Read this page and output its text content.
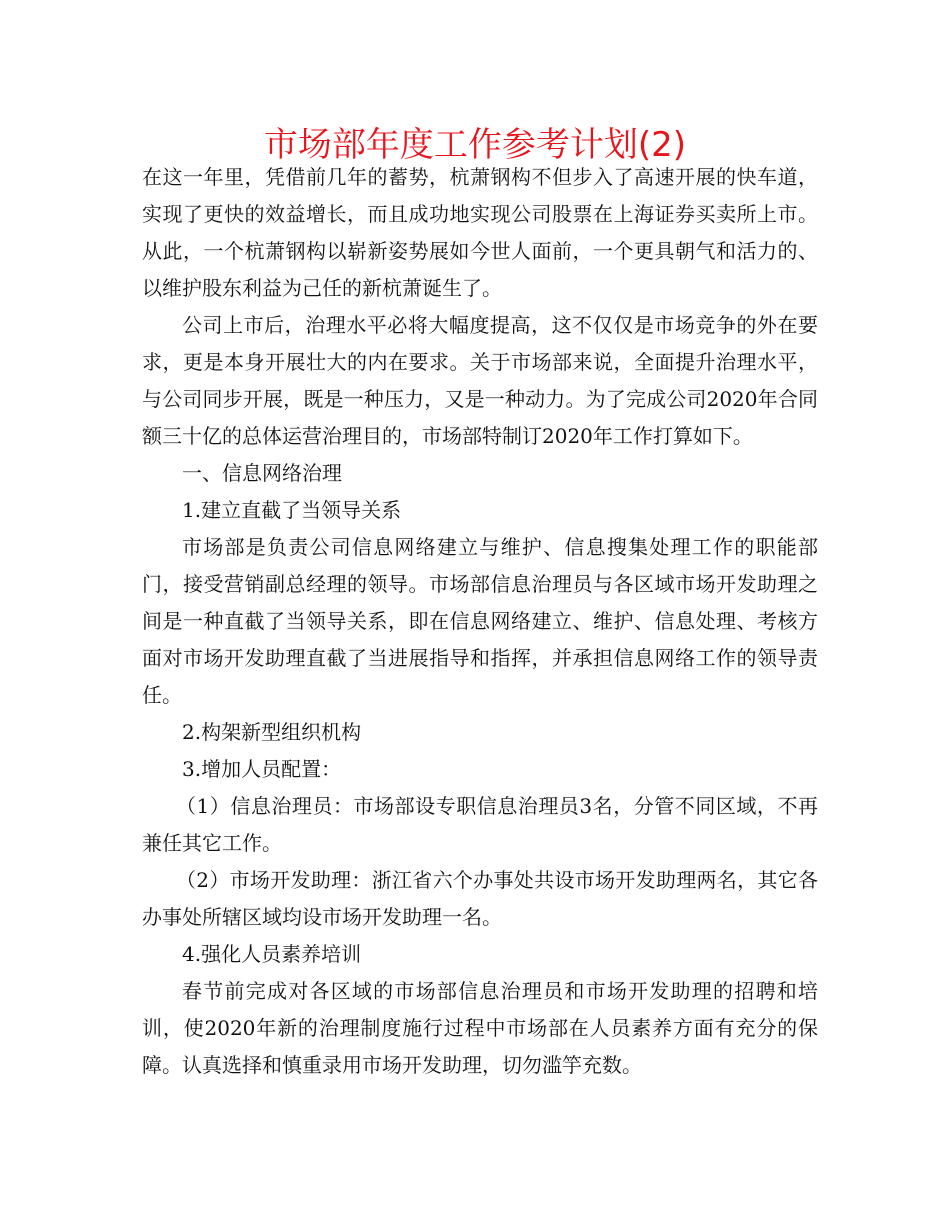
市场部年度工作参考计划(2)

在这一年里，凭借前几年的蓄势，杭萧钢构不但步入了高速开展的快车道，实现了更快的效益增长，而且成功地实现公司股票在上海证券买卖所上市。从此，一个杭萧钢构以崭新姿势展如今世人面前，一个更具朝气和活力的、以维护股东利益为己任的新杭萧诞生了。

公司上市后，治理水平必将大幅度提高，这不仅仅是市场竞争的外在要求，更是本身开展壮大的内在要求。关于市场部来说，全面提升治理水平，与公司同步开展，既是一种压力，又是一种动力。为了完成公司2020年合同额三十亿的总体运营治理目的，市场部特制订2020年工作打算如下。

一、信息网络治理

1.建立直截了当领导关系

市场部是负责公司信息网络建立与维护、信息搜集处理工作的职能部门，接受营销副总经理的领导。市场部信息治理员与各区域市场开发助理之间是一种直截了当领导关系，即在信息网络建立、维护、信息处理、考核方面对市场开发助理直截了当进展指导和指挥，并承担信息网络工作的领导责任。

2.构架新型组织机构

3.增加人员配置：

（1）信息治理员：市场部设专职信息治理员3名，分管不同区域，不再兼任其它工作。

（2）市场开发助理：浙江省六个办事处共设市场开发助理两名，其它各办事处所辖区域均设市场开发助理一名。

4.强化人员素养培训

春节前完成对各区域的市场部信息治理员和市场开发助理的招聘和培训，使2020年新的治理制度施行过程中市场部在人员素养方面有充分的保障。认真选择和慎重录用市场开发助理，切勿滥竽充数。
